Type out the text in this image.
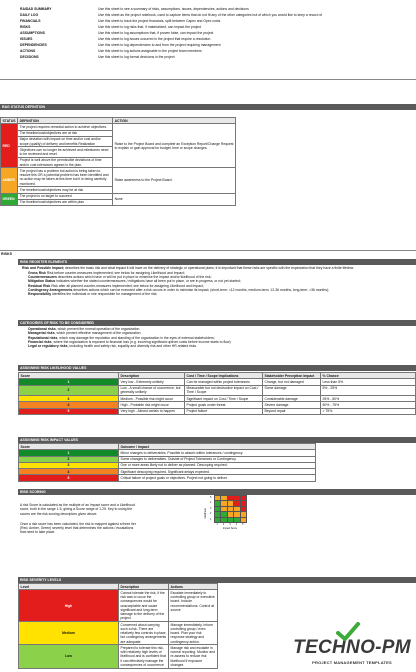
RAIDAD SUMMARY	Use this sheet to see a summary of risks, assumptions, issues, dependencies, actions and decisions
DAILY LOG	Use this sheet as the project notebook, used to capture items that do not fit any of the other categories but of which you would like to keep a record of
FINANCIALS	Use this sheet to track the project financials, split between Capex and Opex costs
RISKS	Use this sheet to log risks that, if materialized, can impact the project
ASSUMPTIONS	Use this sheet to log assumptions that, if proven false, can impact the project
ISSUES	Use this sheet to log issues occurred in the project that require a resolution
DEPENDENCIES	Use this sheet to log dependencies to and from the project requiring management
ACTIONS	Use this sheet to log actions assignable to the project team members
DECISIONS	Use this sheet to log formal decisions in the project
RAG STATUS DEFINITION
STATUS	DEFINITION	ACTION
RED	The project requires remedial action to achieve objectives.	Raise to the Project Board and complete an Exception Report/Change Request to explain or gain approval for budget, time or scope changes.
	The timeline/cost/objectives are at risk	
	Major deviation with impact on time and/or cost and/or scope (quality) of delivery and benefits Realization	
	Objectives can no longer be achieved and milestones need to be reviewed and reset	
	Project is well above the permissible deviations of time and/or cost tolerances agreed in the plan.	
AMBER	The project has a problem but action is being taken to resolve this OR a potential problem has been identified and no action may be taken at this time but it is being carefully monitored.	Raise awareness to the Project Board.
	The timeline/cost/objectives may be at risk	
GREEN	The project is on target to succeed	None
	The timeline/cost/objectives are within plan	
RISKS
RISK REGISTER ELEMENTS
Risk and Possible Impact; describes the basic risk and what impact it will have on the delivery of strategic or operational plans; it is important that these risks are specific with the expectation that they have a finite lifetime.
Gross Risk Risk before counter-measures implemented; see below for assigning Likelihood and Impact;
Countermeasures describes actions which have or will be put in place to minimise the impact and/or likelihood of the risk;
Mitigation Status indicates whether the stated countermeasures / mitigations have all been put in place, or are in progress, or not yet started;
Residual Risk Risk after all planned counter-measures implemented; see below for assigning Likelihood and Impact;
Contingency Arrangements describes actions which can be executed after a risk occurs in order to minimise its impact; (short-term: <12 months, medium-term: 12-36 months, long-term: >36 months);
Responsibility identifies the individual or role responsible for management of the risk;
CATEGORIES OF RISK TO BE CONSIDERED
Operational risks, which prevent the normal operation of the organization
Managerial risks, which prevent effective management of the organization
Reputational risks, which may damage the reputation and standing of the organization in the eyes of external stakeholders;
Financial risks, where the organization is exposed to financial loss (e.g. incurring significant upfront costs before income starts to flow)
Legal or regulatory risks, including health and safety risk, equality and diversity risk and other HR-related risks.
ASSIGNING RISK LIKELIHOOD VALUES
Score	Description	Cost / Time / Scope Implications	Stakeholder Perception Impact	% Chance
1	Very low - Extremely unlikely	Can be managed within project tolerances	Change, but not damaged	Less than 5%
2	Low - A small chance of occurrence, but generally unlikely	Measurable but not destructive impact on Cost / Time / Scope	Some damage	5% - 25%
3	Medium - Possible risk might occur	Significant impact on Cost / Time / Scope	Considerable damage	25% - 50%
4	High - Probable risk might occur	Project goals under threat.	Severe damage.	50% - 75%
5	Very high - Almost certain to happen	Project failure	Beyond repair	> 75%
ASSIGNING RISK IMPACT VALUES
Score	Outcome / Impact
1	Minor changes to deliverables. Possible to absorb within tolerances / contingency.
2	Some changes to deliverables. Outside of Project Tolerances or Contingency.
3	One or more areas likely not to deliver as planned. Descoping required.
4	Significant descoping required. Significant delays expected.
5	Critical failure of project goals or objectives. Project not going to deliver.
RISK SCORING

A risk Score is calculated as the multiple of an Impact score and a Likelihood score, both in the range 1-5, giving a Score range of 1-25. Key to using the scores are the risk scoring descriptors given above.

Once a risk score has been calculated, the risk is mapped against a three tier (Red, Amber, Green) severity level that determines the actions / escalations that need to take place.

Likelihood
5
4
3
2
1

1	2	3	4	5
Impact Score
RISK SEVERITY LEVELS
Level	Description	Actions
High	Cannot tolerate the risk, if the risk was to occur the consequences would be unacceptable and cause significant and long-term damage to the delivery of the project	Escalate immediately to controlling group or executive board. Include recommendations. Control at source
Medium	Concerned about carrying such a risk. There are relatively few controls in place, but contingency arrangements are adequate	Manage immediately. Inform controlling group / exec board. Plan your risk response strategy and contingency action.
Low	Prepared to tolerate this risk, with relatively high levels of likelihood and is confident that it can effectively manage the consequences of occurrence	Manage risk and escalate in normal reporting. Monitor and re-assess to reduce risk likelihood if exposure changes
TECHNO-PM
PROJECT MANAGEMENT TEMPLATES
